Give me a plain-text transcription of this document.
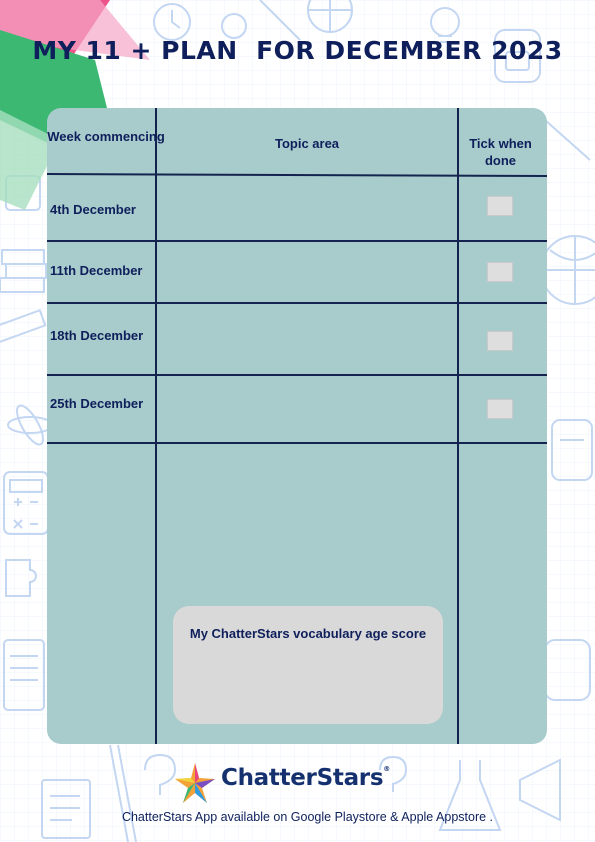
MY 11 + PLAN  FOR DECEMBER 2023
Week commencing	Topic area	Tick when done
4th December
11th December
18th December
25th December
My ChatterStars vocabulary age score
ChatterStars®
ChatterStars App available on Google Playstore & Apple Appstore .
